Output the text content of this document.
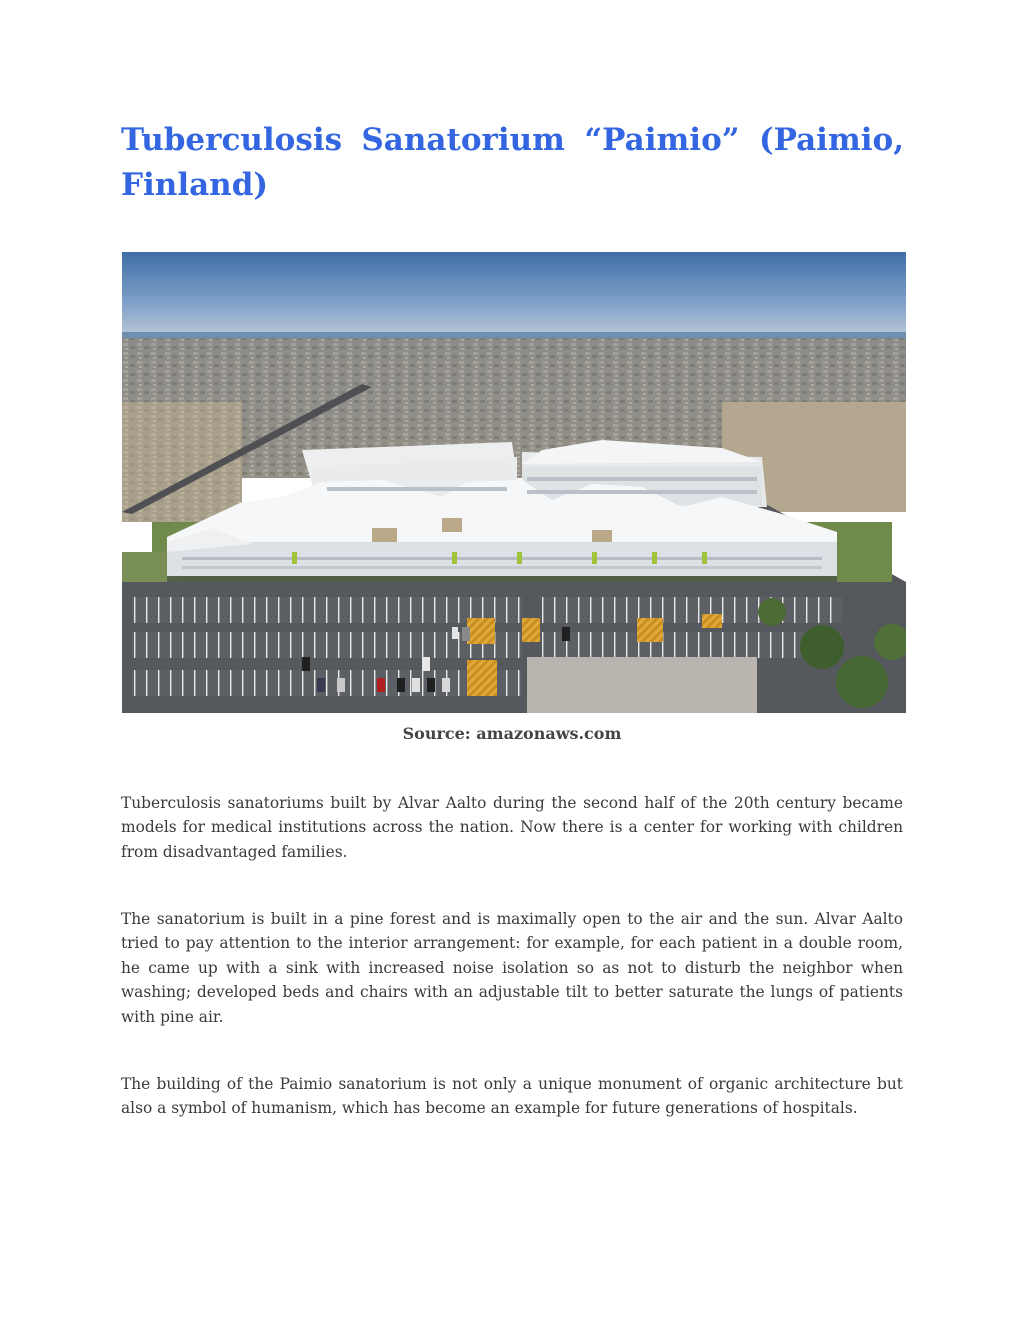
Tuberculosis Sanatorium “Paimio” (Paimio, Finland)
Source: amazonaws.com

Tuberculosis sanatoriums built by Alvar Aalto during the second half of the 20th century became models for medical institutions across the nation. Now there is a center for working with children from disadvantaged families.

The sanatorium is built in a pine forest and is maximally open to the air and the sun. Alvar Aalto tried to pay attention to the interior arrangement: for example, for each patient in a double room, he came up with a sink with increased noise isolation so as not to disturb the neighbor when washing; developed beds and chairs with an adjustable tilt to better saturate the lungs of patients with pine air.

The building of the Paimio sanatorium is not only a unique monument of organic architecture but also a symbol of humanism, which has become an example for future generations of hospitals.
